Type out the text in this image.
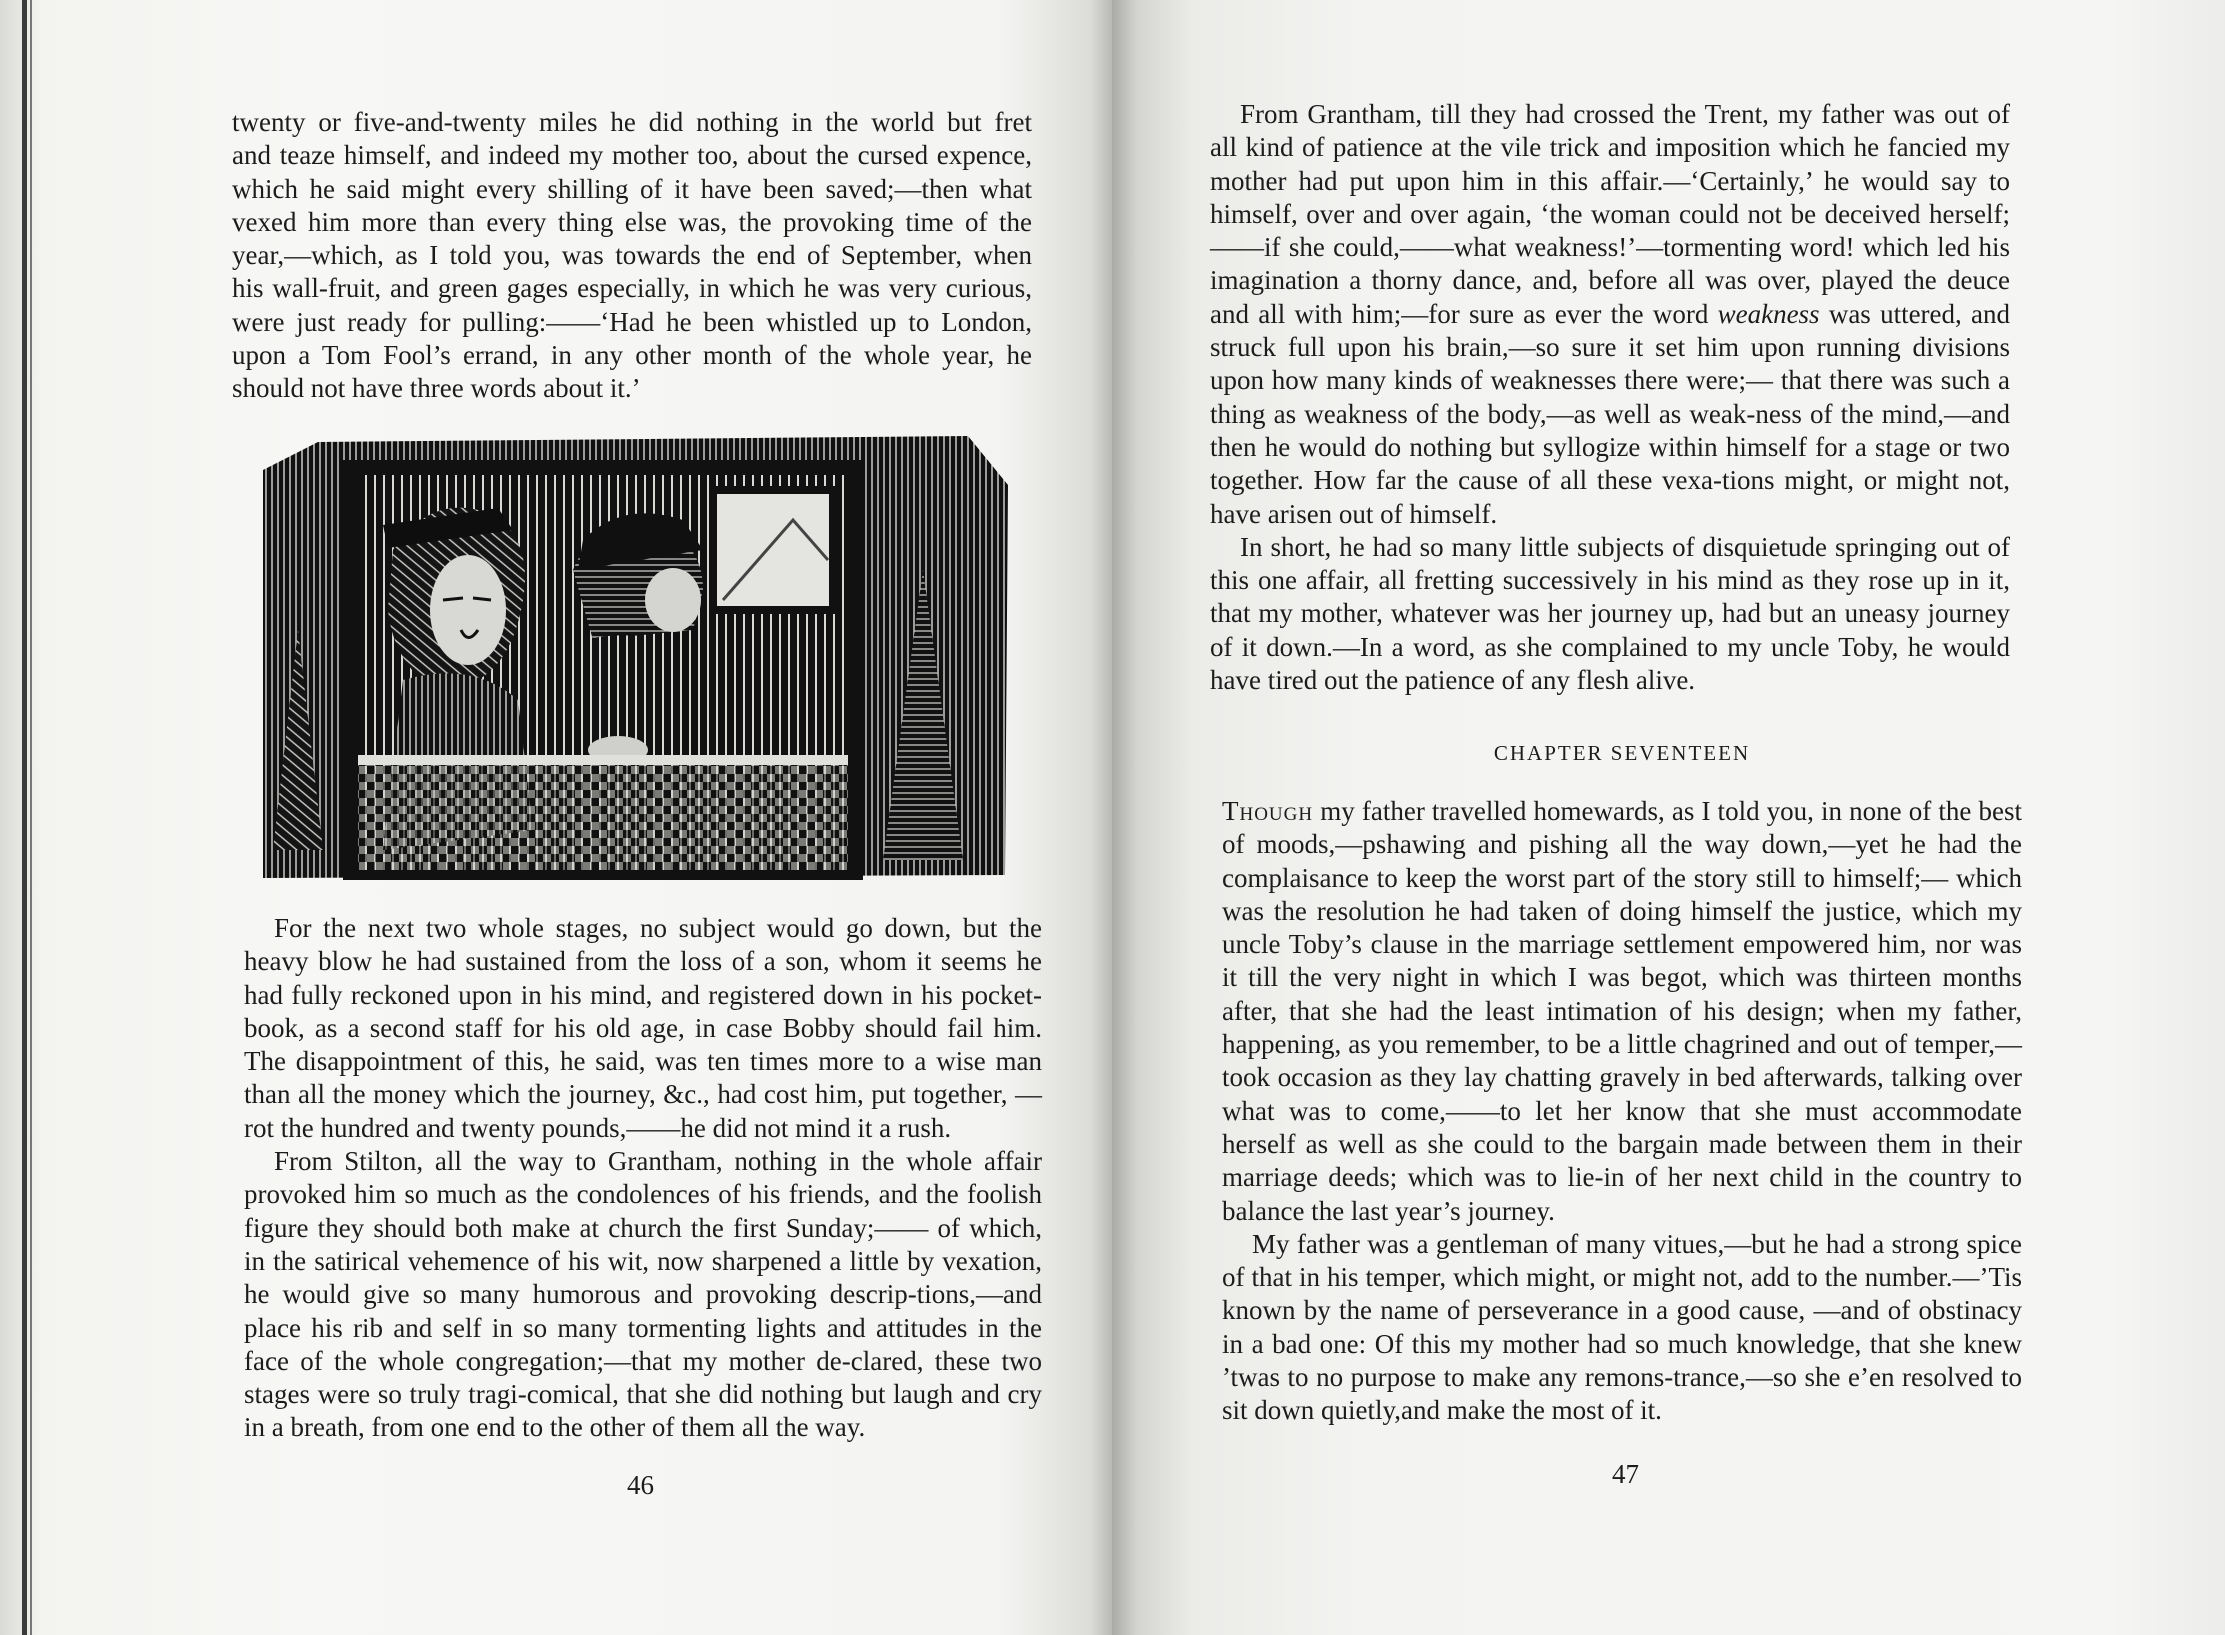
twenty or five-and-twenty miles he did nothing in the world but fret
and teaze himself, and indeed my mother too, about the cursed expence,
which he said might every shilling of it have been saved;—then what
vexed him more than every thing else was, the provoking time of the
year,—which, as I told you, was towards the end of September, when
his wall-fruit, and green gages especially, in which he was very curious,
were just ready for pulling:——‘Had he been whistled up to London,
upon a Tom Fool’s errand, in any other month of the whole year, he
should not have three words about it.’

For the next two whole stages, no subject would go down, but the heavy blow he had sustained from the loss of a son, whom it seems he had fully reckoned upon in his mind, and registered down in his pocket-book, as a second staff for his old age, in case Bobby should fail him. The disappointment of this, he said, was ten times more to a wise man than all the money which the journey, &c., had cost him, put together, —rot the hundred and twenty pounds,——he did not mind it a rush.

From Stilton, all the way to Grantham, nothing in the whole affair provoked him so much as the condolences of his friends, and the foolish figure they should both make at church the first Sunday;—— of which, in the satirical vehemence of his wit, now sharpened a little by vexation, he would give so many humorous and provoking descrip-tions,—and place his rib and self in so many tormenting lights and attitudes in the face of the whole congregation;—that my mother de-clared, these two stages were so truly tragi-comical, that she did nothing but laugh and cry in a breath, from one end to the other of them all the way.

46

From Grantham, till they had crossed the Trent, my father was out of all kind of patience at the vile trick and imposition which he fancied my mother had put upon him in this affair.—‘Certainly,’ he would say to himself, over and over again, ‘the woman could not be deceived herself;——if she could,——what weakness!’—tormenting word! which led his imagination a thorny dance, and, before all was over, played the deuce and all with him;—for sure as ever the word weakness was uttered, and struck full upon his brain,—so sure it set him upon running divisions upon how many kinds of weaknesses there were;— that there was such a thing as weakness of the body,—as well as weak-ness of the mind,—and then he would do nothing but syllogize within himself for a stage or two together. How far the cause of all these vexa-tions might, or might not, have arisen out of himself.

In short, he had so many little subjects of disquietude springing out of this one affair, all fretting successively in his mind as they rose up in it, that my mother, whatever was her journey up, had but an uneasy journey of it down.—In a word, as she complained to my uncle Toby, he would have tired out the patience of any flesh alive.

CHAPTER SEVENTEEN

Though my father travelled homewards, as I told you, in none of the best of moods,—pshawing and pishing all the way down,—yet he had the complaisance to keep the worst part of the story still to himself;— which was the resolution he had taken of doing himself the justice, which my uncle Toby’s clause in the marriage settlement empowered him, nor was it till the very night in which I was begot, which was thirteen months after, that she had the least intimation of his design; when my father, happening, as you remember, to be a little chagrined and out of temper,—took occasion as they lay chatting gravely in bed afterwards, talking over what was to come,——to let her know that she must accommodate herself as well as she could to the bargain made between them in their marriage deeds; which was to lie-in of her next child in the country to balance the last year’s journey.

My father was a gentleman of many vitues,—but he had a strong spice of that in his temper, which might, or might not, add to the number.—’Tis known by the name of perseverance in a good cause, —and of obstinacy in a bad one: Of this my mother had so much knowledge, that she knew ’twas to no purpose to make any remons-trance,—so she e’en resolved to sit down quietly,and make the most of it.

47
